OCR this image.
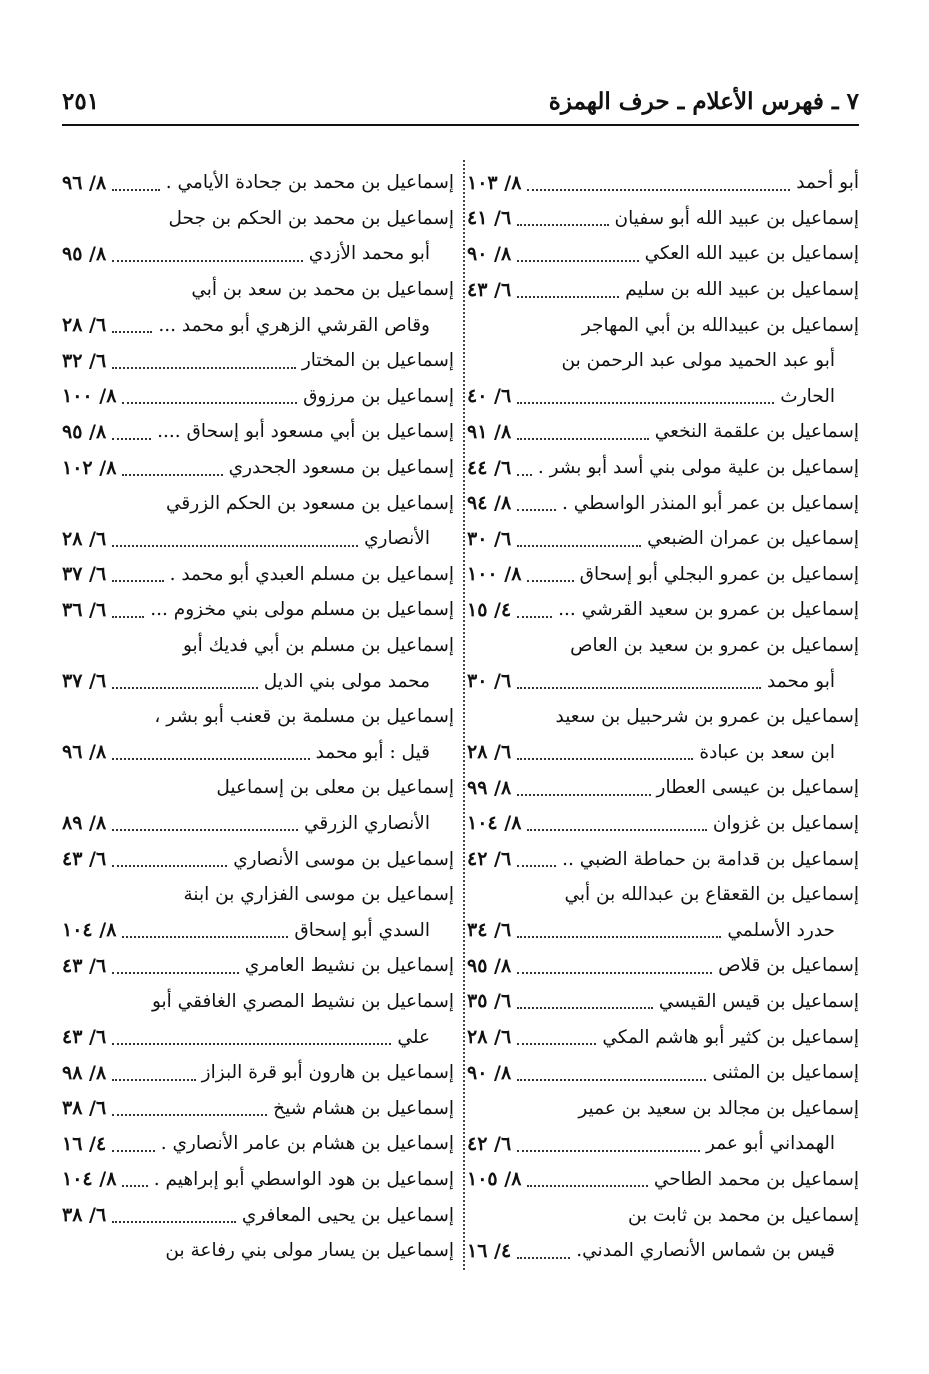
٧ ـ فهرس الأعلام ـ حرف الهمزة
٢٥١
أبو أحمد
٨/ ١٠٣
إسماعيل بن عبيد الله أبو سفيان
٦/ ٤١
إسماعيل بن عبيد الله العكي
٨/ ٩٠
إسماعيل بن عبيد الله بن سليم
٦/ ٤٣
إسماعيل بن عبيدالله بن أبي المهاجر
أبو عبد الحميد مولى عبد الرحمن بن
الحارث
٦/ ٤٠
إسماعيل بن علقمة النخعي
٨/ ٩١
إسماعيل بن علية مولى بني أسد أبو بشر .
٦/ ٤٤
إسماعيل بن عمر أبو المنذر الواسطي .
٨/ ٩٤
إسماعيل بن عمران الضبعي
٦/ ٣٠
إسماعيل بن عمرو البجلي أبو إسحاق
٨/ ١٠٠
إسماعيل بن عمرو بن سعيد القرشي ...
٤/ ١٥
إسماعيل بن عمرو بن سعيد بن العاص
أبو محمد
٦/ ٣٠
إسماعيل بن عمرو بن شرحبيل بن سعيد
ابن سعد بن عبادة
٦/ ٢٨
إسماعيل بن عيسى العطار
٨/ ٩٩
إسماعيل بن غزوان
٨/ ١٠٤
إسماعيل بن قدامة بن حماطة الضبي ..
٦/ ٤٢
إسماعيل بن القعقاع بن عبدالله بن أبي
حدرد الأسلمي
٦/ ٣٤
إسماعيل بن قلاص
٨/ ٩٥
إسماعيل بن قيس القيسي
٦/ ٣٥
إسماعيل بن كثير أبو هاشم المكي
٦/ ٢٨
إسماعيل بن المثنى
٨/ ٩٠
إسماعيل بن مجالد بن سعيد بن عمير
الهمداني أبو عمر
٦/ ٤٢
إسماعيل بن محمد الطاحي
٨/ ١٠٥
إسماعيل بن محمد بن ثابت بن
قيس بن شماس الأنصاري المدني.
٤/ ١٦
إسماعيل بن محمد بن جحادة الأيامي .
٨/ ٩٦
إسماعيل بن محمد بن الحكم بن جحل
أبو محمد الأزدي
٨/ ٩٥
إسماعيل بن محمد بن سعد بن أبي
وقاص القرشي الزهري أبو محمد ...
٦/ ٢٨
إسماعيل بن المختار
٦/ ٣٢
إسماعيل بن مرزوق
٨/ ١٠٠
إسماعيل بن أبي مسعود أبو إسحاق ....
٨/ ٩٥
إسماعيل بن مسعود الجحدري
٨/ ١٠٢
إسماعيل بن مسعود بن الحكم الزرقي
الأنصاري
٦/ ٢٨
إسماعيل بن مسلم العبدي أبو محمد .
٦/ ٣٧
إسماعيل بن مسلم مولى بني مخزوم ...
٦/ ٣٦
إسماعيل بن مسلم بن أبي فديك أبو
محمد مولى بني الديل
٦/ ٣٧
إسماعيل بن مسلمة بن قعنب أبو بشر ،
قيل : أبو محمد
٨/ ٩٦
إسماعيل بن معلى بن إسماعيل
الأنصاري الزرقي
٨/ ٨٩
إسماعيل بن موسى الأنصاري
٦/ ٤٣
إسماعيل بن موسى الفزاري بن ابنة
السدي أبو إسحاق
٨/ ١٠٤
إسماعيل بن نشيط العامري
٦/ ٤٣
إسماعيل بن نشيط المصري الغافقي أبو
علي
٦/ ٤٣
إسماعيل بن هارون أبو قرة البزاز
٨/ ٩٨
إسماعيل بن هشام شيخ
٦/ ٣٨
إسماعيل بن هشام بن عامر الأنصاري .
٤/ ١٦
إسماعيل بن هود الواسطي أبو إبراهيم .
٨/ ١٠٤
إسماعيل بن يحيى المعافري
٦/ ٣٨
إسماعيل بن يسار مولى بني رفاعة بن
